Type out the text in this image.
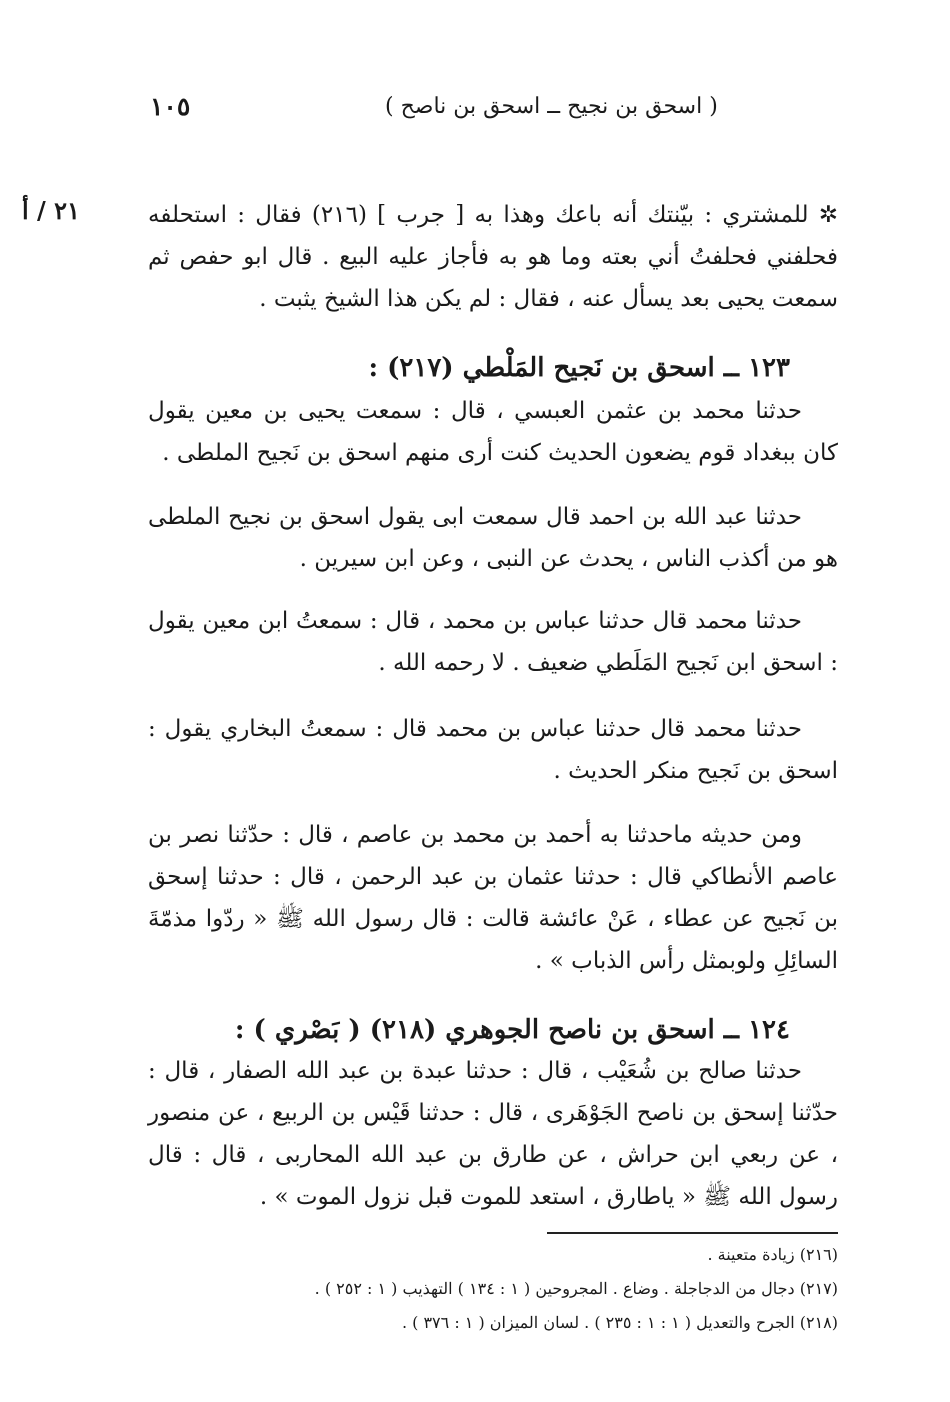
١٠٥	( اسحق بن نجيح ــ اسحق بن ناصح )
٢١ / أ	✲ للمشتري : بيّنتك أنه باعك وهذا به [ جرب ] (٢١٦) فقال : استحلفه فحلفني فحلفتُ أني بعته وما هو به فأجاز عليه البيع . قال ابو حفص ثم سمعت يحيى بعد يسأل عنه ، فقال : لم يكن هذا الشيخ يثبت .
١٢٣ ــ اسحق بن نَجيح المَلْطي (٢١٧) :
حدثنا محمد بن عثمن العبسي ، قال : سمعت يحيى بن معين يقول كان ببغداد قوم يضعون الحديث كنت أرى منهم اسحق بن نَجيح الملطى .
حدثنا عبد الله بن احمد قال سمعت ابى يقول اسحق بن نجيح الملطى هو من أكذب الناس ، يحدث عن النبى ، وعن ابن سيرين .
حدثنا محمد قال حدثنا عباس بن محمد ، قال : سمعتُ ابن معين يقول : اسحق ابن نَجيح المَلَطي ضعيف . لا رحمه الله .
حدثنا محمد قال حدثنا عباس بن محمد قال : سمعتُ البخاري يقول : اسحق بن نَجيح منكر الحديث .
ومن حديثه ماحدثنا به أحمد بن محمد بن عاصم ، قال : حدّثنا نصر بن عاصم الأنطاكي قال : حدثنا عثمان بن عبد الرحمن ، قال : حدثنا إسحق بن نَجيح عن عطاء ، عَنْ عائشة قالت : قال رسول الله ﷺ « ردّوا مذمّةَ السائِلِ ولوبمثل رأس الذباب » .
١٢٤ ــ اسحق بن ناصح الجوهري (٢١٨) ( بَصْري ) :
حدثنا صالح بن شُعَيْب ، قال : حدثنا عبدة بن عبد الله الصفار ، قال : حدّثنا إسحق بن ناصح الجَوْهَرى ، قال : حدثنا قَيْس بن الربيع ، عن منصور ، عن ربعي ابن حراش ، عن طارق بن عبد الله المحاربى ، قال : قال رسول الله ﷺ « ياطارق ، استعد للموت قبل نزول الموت » .
(٢١٦) زيادة متعينة .
(٢١٧) دجال من الدجاجلة . وضاع . المجروحين ( ١ : ١٣٤ ) التهذيب ( ١ : ٢٥٢ ) .
(٢١٨) الجرح والتعديل ( ١ : ١ : ٢٣٥ ) . لسان الميزان ( ١ : ٣٧٦ ) .
